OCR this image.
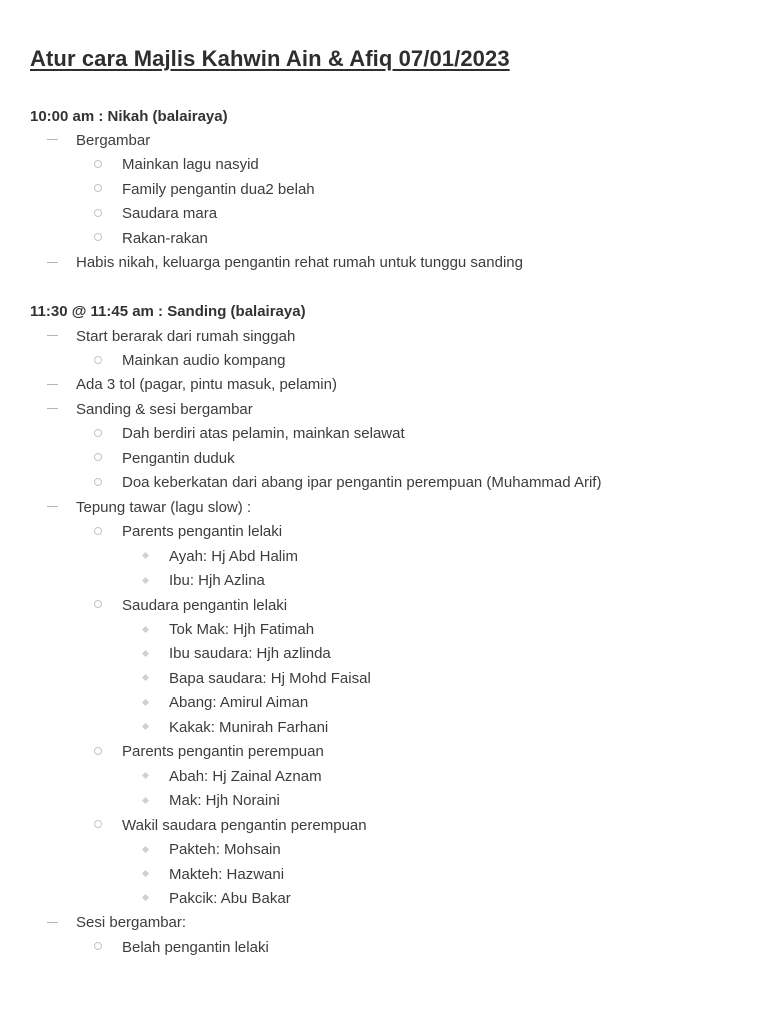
Atur cara Majlis Kahwin Ain & Afiq 07/01/2023
10:00 am : Nikah (balairaya)
Bergambar
Mainkan lagu nasyid
Family pengantin dua2 belah
Saudara mara
Rakan-rakan
Habis nikah, keluarga pengantin rehat rumah untuk tunggu sanding
11:30 @ 11:45 am : Sanding (balairaya)
Start berarak dari rumah singgah
Mainkan audio kompang
Ada 3 tol (pagar, pintu masuk, pelamin)
Sanding & sesi bergambar
Dah berdiri atas pelamin, mainkan selawat
Pengantin duduk
Doa keberkatan dari abang ipar pengantin perempuan (Muhammad Arif)
Tepung tawar (lagu slow) :
Parents pengantin lelaki
Ayah: Hj Abd Halim
Ibu: Hjh Azlina
Saudara pengantin lelaki
Tok Mak: Hjh Fatimah
Ibu saudara: Hjh azlinda
Bapa saudara: Hj Mohd Faisal
Abang: Amirul Aiman
Kakak: Munirah Farhani
Parents pengantin perempuan
Abah: Hj Zainal Aznam
Mak: Hjh Noraini
Wakil saudara pengantin perempuan
Pakteh: Mohsain
Makteh: Hazwani
Pakcik: Abu Bakar
Sesi bergambar:
Belah pengantin lelaki
